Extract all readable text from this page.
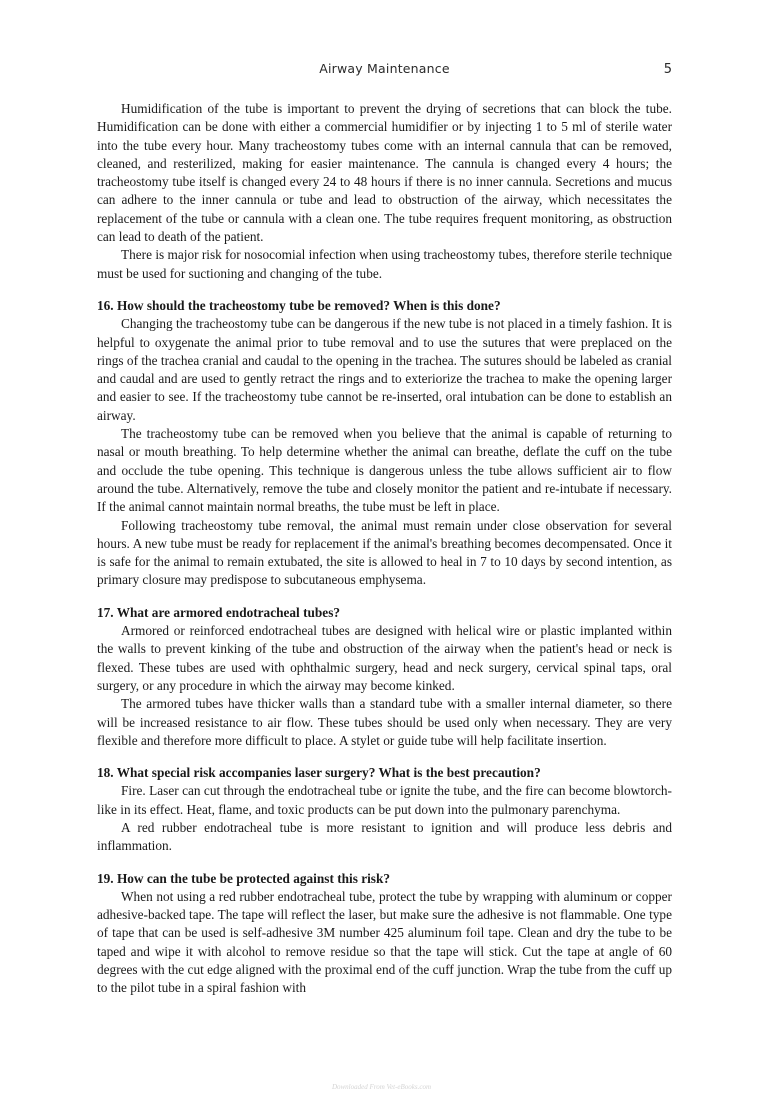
Airway Maintenance	5

Humidification of the tube is important to prevent the drying of secretions that can block the tube. Humidification can be done with either a commercial humidifier or by injecting 1 to 5 ml of sterile water into the tube every hour. Many tracheostomy tubes come with an internal cannula that can be removed, cleaned, and resterilized, making for easier maintenance. The cannula is changed every 4 hours; the tracheostomy tube itself is changed every 24 to 48 hours if there is no inner cannula. Secretions and mucus can adhere to the inner cannula or tube and lead to obstruction of the airway, which necessitates the replacement of the tube or cannula with a clean one. The tube requires frequent monitoring, as obstruction can lead to death of the patient.

There is major risk for nosocomial infection when using tracheostomy tubes, therefore sterile technique must be used for suctioning and changing of the tube.

16. How should the tracheostomy tube be removed? When is this done?

Changing the tracheostomy tube can be dangerous if the new tube is not placed in a timely fashion. It is helpful to oxygenate the animal prior to tube removal and to use the sutures that were preplaced on the rings of the trachea cranial and caudal to the opening in the trachea. The sutures should be labeled as cranial and caudal and are used to gently retract the rings and to exteriorize the trachea to make the opening larger and easier to see. If the tracheostomy tube cannot be re-inserted, oral intubation can be done to establish an airway.

The tracheostomy tube can be removed when you believe that the animal is capable of returning to nasal or mouth breathing. To help determine whether the animal can breathe, deflate the cuff on the tube and occlude the tube opening. This technique is dangerous unless the tube allows sufficient air to flow around the tube. Alternatively, remove the tube and closely monitor the patient and re-intubate if necessary. If the animal cannot maintain normal breaths, the tube must be left in place.

Following tracheostomy tube removal, the animal must remain under close observation for several hours. A new tube must be ready for replacement if the animal's breathing becomes decompensated. Once it is safe for the animal to remain extubated, the site is allowed to heal in 7 to 10 days by second intention, as primary closure may predispose to subcutaneous emphysema.

17. What are armored endotracheal tubes?

Armored or reinforced endotracheal tubes are designed with helical wire or plastic implanted within the walls to prevent kinking of the tube and obstruction of the airway when the patient's head or neck is flexed. These tubes are used with ophthalmic surgery, head and neck surgery, cervical spinal taps, oral surgery, or any procedure in which the airway may become kinked.

The armored tubes have thicker walls than a standard tube with a smaller internal diameter, so there will be increased resistance to air flow. These tubes should be used only when necessary. They are very flexible and therefore more difficult to place. A stylet or guide tube will help facilitate insertion.

18. What special risk accompanies laser surgery? What is the best precaution?

Fire. Laser can cut through the endotracheal tube or ignite the tube, and the fire can become blowtorch-like in its effect. Heat, flame, and toxic products can be put down into the pulmonary parenchyma.

A red rubber endotracheal tube is more resistant to ignition and will produce less debris and inflammation.

19. How can the tube be protected against this risk?

When not using a red rubber endotracheal tube, protect the tube by wrapping with aluminum or copper adhesive-backed tape. The tape will reflect the laser, but make sure the adhesive is not flammable. One type of tape that can be used is self-adhesive 3M number 425 aluminum foil tape. Clean and dry the tube to be taped and wipe it with alcohol to remove residue so that the tape will stick. Cut the tape at angle of 60 degrees with the cut edge aligned with the proximal end of the cuff junction. Wrap the tube from the cuff up to the pilot tube in a spiral fashion with

Downloaded From Vet-eBooks.com
